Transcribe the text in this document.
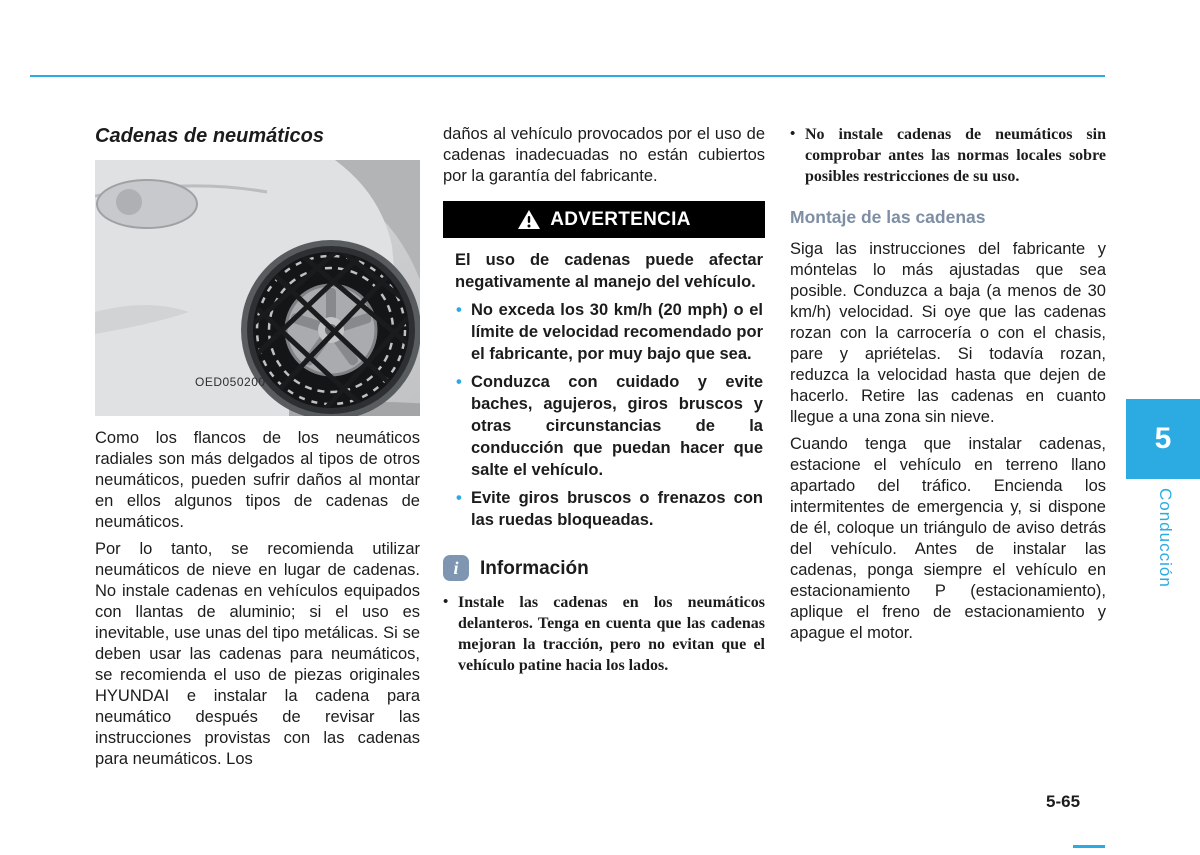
Cadenas de neumáticos
OED050200

Como los flancos de los neumáticos radiales son más delgados al tipos de otros neumáticos, pueden sufrir daños al montar en ellos algunos tipos de cadenas de neumáticos.

Por lo tanto, se recomienda utilizar neumáticos de nieve en lugar de cadenas. No instale cadenas en vehículos equipados con llantas de aluminio; si el uso es inevitable, use unas del tipo metálicas. Si se deben usar las cadenas para neumáticos, se recomienda el uso de piezas originales HYUNDAI e instalar la cadena para neumático después de revisar las instrucciones provistas con las cadenas para neumáticos. Los

daños al vehículo provocados por el uso de cadenas inadecuadas no están cubiertos por la garantía del fabricante.

ADVERTENCIA

El uso de cadenas puede afectar negativamente al manejo del vehículo.

• No exceda los 30 km/h (20 mph) o el límite de velocidad recomendado por el fabricante, por muy bajo que sea.
• Conduzca con cuidado y evite baches, agujeros, giros bruscos y otras circunstancias de la conducción que puedan hacer que salte el vehículo.
• Evite giros bruscos o frenazos con las ruedas bloqueadas.
i	Información
• Instale las cadenas en los neumáticos delanteros. Tenga en cuenta que las cadenas mejoran la tracción, pero no evitan que el vehículo patine hacia los lados.
• No instale cadenas de neumáticos sin comprobar antes las normas locales sobre posibles restricciones de su uso.
Montaje de las cadenas

Siga las instrucciones del fabricante y móntelas lo más ajustadas que sea posible. Conduzca a baja (a menos de 30 km/h) velocidad. Si oye que las cadenas rozan con la carrocería o con el chasis, pare y apriételas. Si todavía rozan, reduzca la velocidad hasta que dejen de hacerlo. Retire las cadenas en cuanto llegue a una zona sin nieve.

Cuando tenga que instalar cadenas, estacione el vehículo en terreno llano apartado del tráfico. Encienda los intermitentes de emergencia y, si dispone de él, coloque un triángulo de aviso detrás del vehículo. Antes de instalar las cadenas, ponga siempre el vehículo en estacionamiento P (estacionamiento), aplique el freno de estacionamiento y apague el motor.

5
Conducción
5-65
